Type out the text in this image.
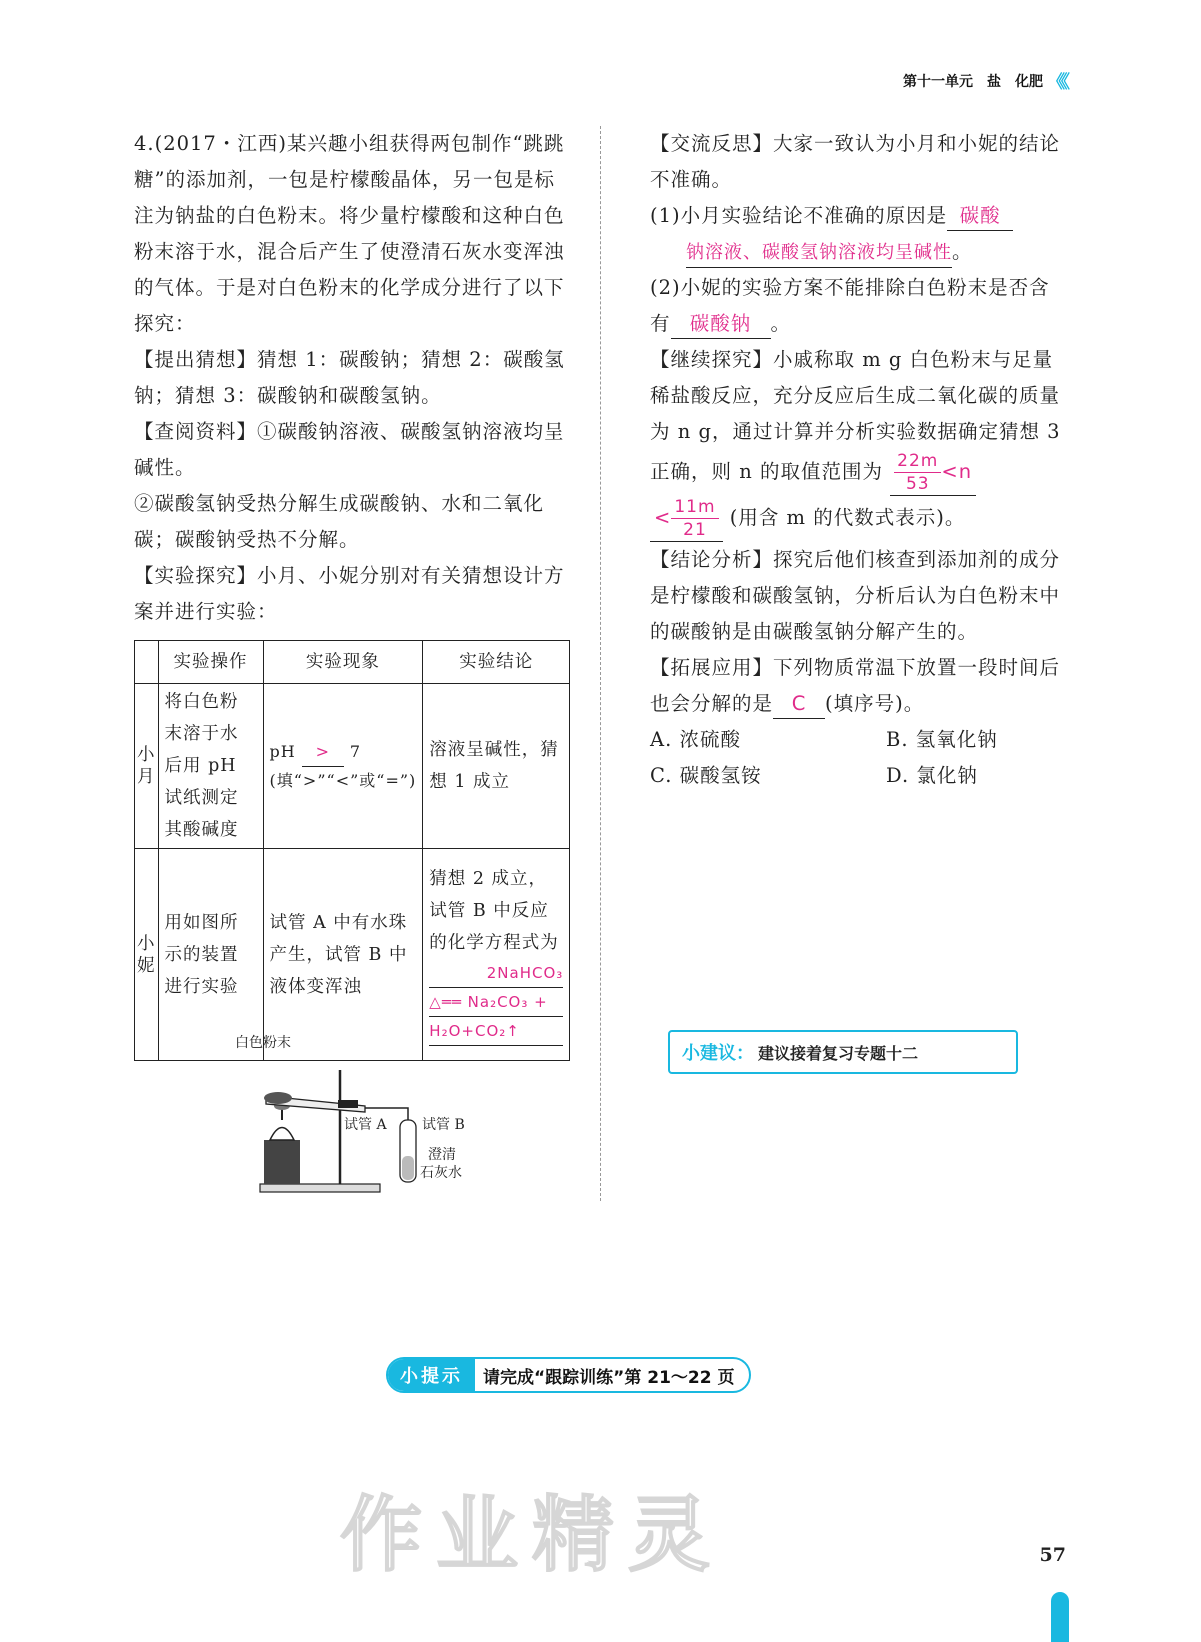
第十一单元　盐　化肥 《《

4.(2017・江西)某兴趣小组获得两包制作“跳跳糖”的添加剂，一包是柠檬酸晶体，另一包是标注为钠盐的白色粉末。将少量柠檬酸和这种白色粉末溶于水，混合后产生了使澄清石灰水变浑浊的气体。于是对白色粉末的化学成分进行了以下探究：

【提出猜想】猜想 1：碳酸钠；猜想 2：碳酸氢钠；猜想 3：碳酸钠和碳酸氢钠。

【查阅资料】①碳酸钠溶液、碳酸氢钠溶液均呈碱性。

②碳酸氢钠受热分解生成碳酸钠、水和二氧化碳；碳酸钠受热不分解。

【实验探究】小月、小妮分别对有关猜想设计方案并进行实验：

	实验操作	实验现象	实验结论
小月	将白色粉末溶于水后用 pH 试纸测定其酸碱度	pH > 7
(填“>”“<”或“=”)	溶液呈碱性，猜想 1 成立
小妮	用如图所示的装置进行实验	试管 A 中有水珠产生，试管 B 中液体变浑浊	猜想 2 成立，试管 B 中反应的化学方程式为
2NaHCO₃
△══ Na₂CO₃ +
H₂O+CO₂↑
白色粉末
试管 A	试管 B
澄清
石灰水

【交流反思】大家一致认为小月和小妮的结论不准确。

(1)小月实验结论不准确的原因是 碳酸
钠溶液、碳酸氢钠溶液均呈碱性。

(2)小妮的实验方案不能排除白色粉末是否含有 碳酸钠 。

【继续探究】小戚称取 m g 白色粉末与足量稀盐酸反应，充分反应后生成二氧化碳的质量为 n g，通过计算并分析实验数据确定猜想 3 正确，则 n 的取值范围为 $\frac{22m}{53} <n$
< $\frac{11m}{21}$ (用含 m 的代数式表示)。

【结论分析】探究后他们核查到添加剂的成分是柠檬酸和碳酸氢钠，分析后认为白色粉末中的碳酸钠是由碳酸氢钠分解产生的。

【拓展应用】下列物质常温下放置一段时间后也会分解的是 C (填序号)。

A. 浓硫酸	B. 氢氧化钠
C. 碳酸氢铵	D. 氯化钠
小建议： 建议接着复习专题十二
小提示	请完成“跟踪训练”第 21～22 页
作业精灵	57
